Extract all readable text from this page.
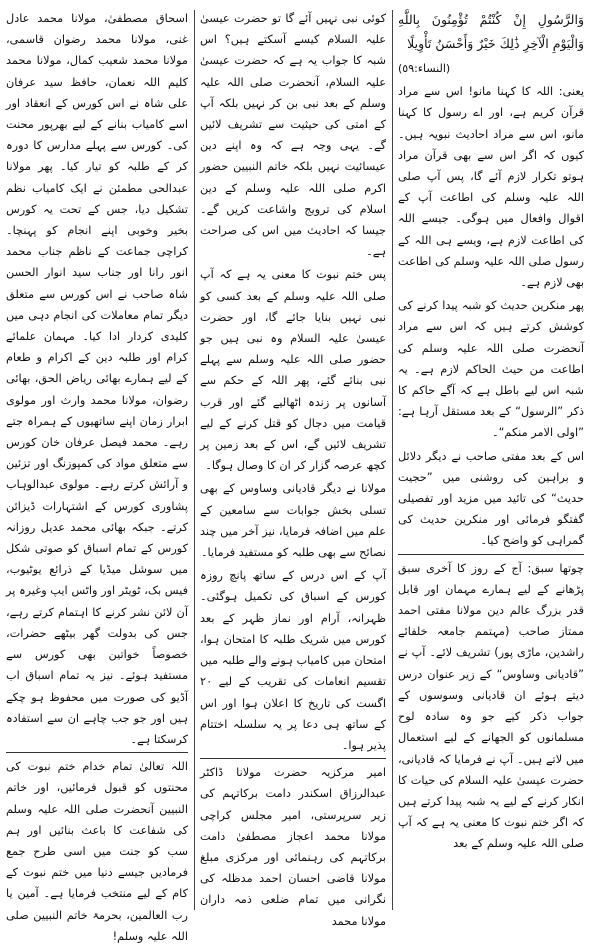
وَالرَّسُولِ إِنْ كُنْتُمْ تُؤْمِنُونَ بِاللَّهِ وَالْيَوْمِ الْآخِرِ ذَٰلِكَ خَيْرٌ وَأَحْسَنُ تَأْوِيلًا

(النساء:٥٩)

یعنی: اللہ کا کہنا مانو! اس سے مراد قرآن کریم ہے، اور اے رسول کا کہنا مانو، اس سے مراد احادیث نبویہ ہیں۔ کیوں کہ اگر اس سے بھی قرآن مراد ہوتو تکرار لازم آئے گا، پس آپ صلی اللہ علیہ وسلم کی اطاعت آپ کے اقوال وافعال میں ہوگی۔ جیسے اللہ کی اطاعت لازم ہے، ویسے ہی اللہ کے رسول صلی اللہ علیہ وسلم کی اطاعت بھی لازم ہے۔

پھر منکرین حدیث کو شبہ پیدا کرنے کی کوشش کرتے ہیں کہ اس سے مراد آنحضرت صلی اللہ علیہ وسلم کی اطاعت من حیث الحاکم لازم ہے۔ یہ شبہ اس لیے باطل ہے کہ آگے حاکم کا ذکر ”الرسول“ کے بعد مستقل آرہا ہے: ”اولی الامر منکم“۔

اس کے بعد مفتی صاحب نے دیگر دلائل و براہین کی روشنی میں ”حجیت حدیث“ کی تائید میں مزید اور تفصیلی گفتگو فرمائی اور منکرین حدیث کی گمراہی کو واضح کیا۔

چوتھا سبق: آج کے روز کا آخری سبق پڑھانے کے لیے ہمارے مہمان اور قابل قدر بزرگ عالم دین مولانا مفتی احمد ممتاز صاحب (مہتمم جامعہ خلفائے راشدین، ماڑی پور) تشریف لائے۔ آپ نے ”قادیانی وساوس“ کے زیر عنوان درس دیتے ہوئے ان قادیانی وسوسوں کے جواب ذکر کیے جو وہ سادہ لوح مسلمانوں کو الجھانے کے لیے استعمال میں لاتے ہیں۔ آپ نے فرمایا کہ قادیانی، حضرت عیسیٰ علیہ السلام کی حیات کا انکار کرنے کے لیے یہ شبہ پیدا کرتے ہیں کہ اگر ختم نبوت کا معنی یہ ہے کہ آپ صلی اللہ علیہ وسلم کے بعد

کوئی نبی نہیں آئے گا تو حضرت عیسیٰ علیہ السلام کیسے آسکتے ہیں؟ اس شبہ کا جواب یہ ہے کہ حضرت عیسیٰ علیہ السلام، آنحضرت صلی اللہ علیہ وسلم کے بعد نبی بن کر نہیں بلکہ آپ کے امتی کی حیثیت سے تشریف لائیں گے۔ یہی وجہ ہے کہ وہ اپنے دین عیسائیت نہیں بلکہ خاتم النبیین حضور اکرم صلی اللہ علیہ وسلم کے دین اسلام کی ترویج واشاعت کریں گے۔ جیسا کہ احادیث میں اس کی صراحت ہے۔

پس ختم نبوت کا معنی یہ ہے کہ آپ صلی اللہ علیہ وسلم کے بعد کسی کو نبی نہیں بنایا جائے گا، اور حضرت عیسیٰ علیہ السلام وہ نبی ہیں جو حضور صلی اللہ علیہ وسلم سے پہلے نبی بنائے گئے، پھر اللہ کے حکم سے آسانوں پر زندہ اٹھالیے گئے اور قرب قیامت میں دجال کو قتل کرنے کے لیے تشریف لائیں گے، اس کے بعد زمین پر کچھ عرصہ گزار کر ان کا وصال ہوگا۔

مولانا نے دیگر قادیانی وساوس کے بھی تسلی بخش جوابات سے سامعین کے علم میں اضافہ فرمایا، نیز آخر میں چند نصائح سے بھی طلبہ کو مستفید فرمایا۔

آپ کے اس درس کے ساتھ پانچ روزہ کورس کے اسباق کی تکمیل ہوگئی۔ ظہرانہ، آرام اور نماز ظہر کے بعد کورس میں شریک طلبہ کا امتحان ہوا، امتحان میں کامیاب ہونے والے طلبہ میں تقسیم انعامات کی تقریب کے لیے ۲۰ اگست کی تاریخ کا اعلان ہوا اور اس کے ساتھ ہی دعا پر یہ سلسلہ اختتام پذیر ہوا۔

امیر مرکزیہ حضرت مولانا ڈاکٹر عبدالرزاق اسکندر دامت برکاتہم کی زیر سرپرستی، امیر مجلس کراچی مولانا محمد اعجاز مصطفیٰ دامت برکاتہم کی رہنمائی اور مرکزی مبلغ مولانا قاضی احسان احمد مدظلہ کی نگرانی میں تمام ضلعی ذمہ داران مولانا محمد

اسحاق مصطفیٰ، مولانا محمد عادل غنی، مولانا محمد رضوان قاسمی، مولانا محمد شعیب کمال، مولانا محمد کلیم اللہ نعمان، حافظ سید عرفان علی شاہ نے اس کورس کے انعقاد اور اسے کامیاب بنانے کے لیے بھرپور محنت کی۔ کورس سے پہلے مدارس کا دورہ کر کے طلبہ کو تیار کیا۔ پھر مولانا عبدالحی مطمئن نے ایک کامیاب نظم تشکیل دیا، جس کے تحت یہ کورس بخیر وخوبی اپنے انجام کو پہنچا۔ کراچی جماعت کے ناظم جناب محمد انور رانا اور جناب سید انوار الحسن شاہ صاحب نے اس کورس سے متعلق دیگر تمام معاملات کی انجام دہی میں کلیدی کردار ادا کیا۔ مہمان علمائے کرام اور طلبہ دین کے اکرام و طعام کے لیے ہمارے بھائی ریاض الحق، بھائی رضوان، مولانا محمد وارث اور مولوی ابرار زمان اپنے ساتھیوں کے ہمراہ جتے رہے۔ محمد فیصل عرفان خان کورس سے متعلق مواد کی کمپوزنگ اور تزئین و آرائش کرتے رہے۔ مولوی عبدالوہاب پشاوری کورس کے اشتہارات ڈیزائن کرتے۔ جبکہ بھائی محمد عدیل روزانہ کورس کے تمام اسباق کو صوتی شکل میں سوشل میڈیا کے ذرائع یوٹیوب، فیس بک، ٹویٹر اور واٹس ایپ وغیرہ پر آن لائن نشر کرنے کا اہتمام کرتے رہے، جس کی بدولت گھر بیٹھے حضرات، خصوصاً خواتین بھی کورس سے مستفید ہوئے۔ نیز یہ تمام اسباق اب آڈیو کی صورت میں محفوظ ہو چکے ہیں اور جو جب چاہے ان سے استفادہ کرسکتا ہے۔

اللہ تعالیٰ تمام خدام ختم نبوت کی محنتوں کو قبول فرمائیں، اور خاتم النبیین آنحضرت صلی اللہ علیہ وسلم کی شفاعت کا باعث بنائیں اور ہم سب کو جنت میں اسی طرح جمع فرمادیں جیسے دنیا میں ختم نبوت کے کام کے لیے منتخب فرمایا ہے۔ آمین یا رب العالمین، بحرمۃ خاتم النبیین صلی اللہ علیہ وسلم!
